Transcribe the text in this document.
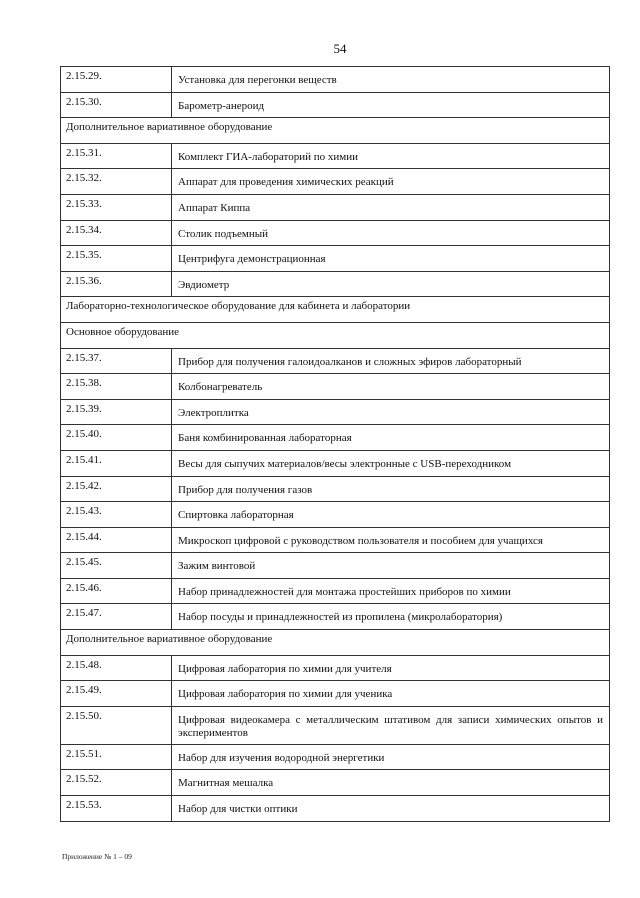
54
2.15.29.	Установка для перегонки веществ
2.15.30.	Барометр-анероид
Дополнительное вариативное оборудование	
2.15.31.	Комплект ГИА-лабораторий по химии
2.15.32.	Аппарат для проведения химических реакций
2.15.33.	Аппарат Киппа
2.15.34.	Столик подъемный
2.15.35.	Центрифуга демонстрационная
2.15.36.	Эвдиометр
Лабораторно-технологическое оборудование для кабинета и лаборатории	
Основное оборудование	
2.15.37.	Прибор для получения галоидоалканов и сложных эфиров лабораторный
2.15.38.	Колбонагреватель
2.15.39.	Электроплитка
2.15.40.	Баня комбинированная лабораторная
2.15.41.	Весы для сыпучих материалов/весы электронные с USB-переходником
2.15.42.	Прибор для получения газов
2.15.43.	Спиртовка лабораторная
2.15.44.	Микроскоп цифровой с руководством пользователя и пособием для учащихся
2.15.45.	Зажим винтовой
2.15.46.	Набор принадлежностей для монтажа простейших приборов по химии
2.15.47.	Набор посуды и принадлежностей из пропилена (микролаборатория)
Дополнительное вариативное оборудование	
2.15.48.	Цифровая лаборатория по химии для учителя
2.15.49.	Цифровая лаборатория по химии для ученика
2.15.50.	Цифровая видеокамера с металлическим штативом для записи химических опытов и экспериментов
2.15.51.	Набор для изучения водородной энергетики
2.15.52.	Магнитная мешалка
2.15.53.	Набор для чистки оптики
Приложение № 1 – 09
